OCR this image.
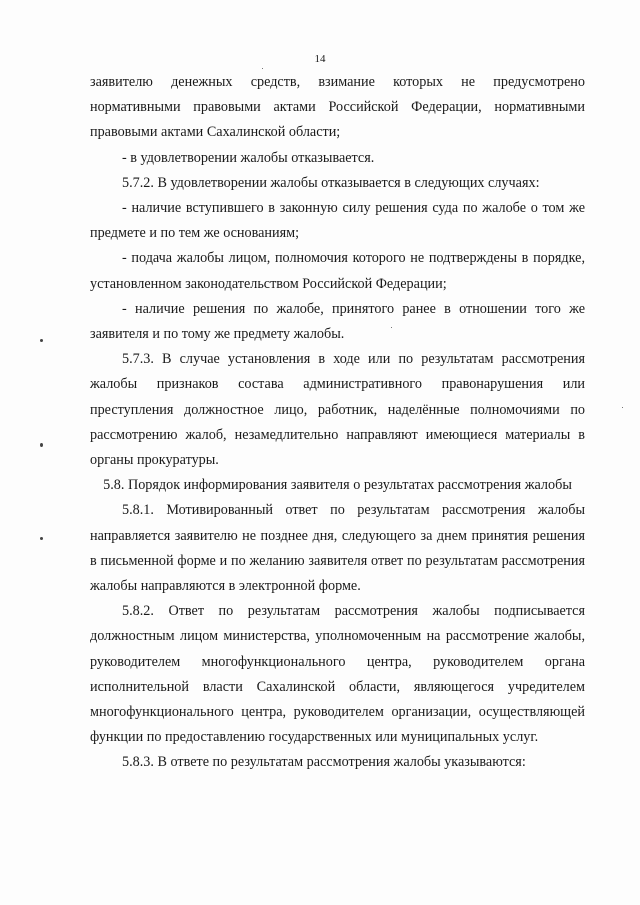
14

заявителю денежных средств, взимание которых не предусмотрено нормативными правовыми актами Российской Федерации, нормативными правовыми актами Сахалинской области;

- в удовлетворении жалобы отказывается.

5.7.2. В удовлетворении жалобы отказывается в следующих случаях:

- наличие вступившего в законную силу решения суда по жалобе о том же предмете и по тем же основаниям;

- подача жалобы лицом, полномочия которого не подтверждены в порядке, установленном законодательством Российской Федерации;

- наличие решения по жалобе, принятого ранее в отношении того же заявителя и по тому же предмету жалобы.

5.7.3. В случае установления в ходе или по результатам рассмотрения жалобы признаков состава административного правонарушения или преступления должностное лицо, работник, наделённые полномочиями по рассмотрению жалоб, незамедлительно направляют имеющиеся материалы в органы прокуратуры.

5.8. Порядок информирования заявителя о результатах рассмотрения жалобы

5.8.1. Мотивированный ответ по результатам рассмотрения жалобы направляется заявителю не позднее дня, следующего за днем принятия решения в письменной форме и по желанию заявителя ответ по результатам рассмотрения жалобы направляются в электронной форме.

5.8.2. Ответ по результатам рассмотрения жалобы подписывается должностным лицом министерства, уполномоченным на рассмотрение жалобы, руководителем многофункционального центра, руководителем органа исполнительной власти Сахалинской области, являющегося учредителем многофункционального центра, руководителем организации, осуществляющей функции по предоставлению государственных или муниципальных услуг.

5.8.3. В ответе по результатам рассмотрения жалобы указываются:
